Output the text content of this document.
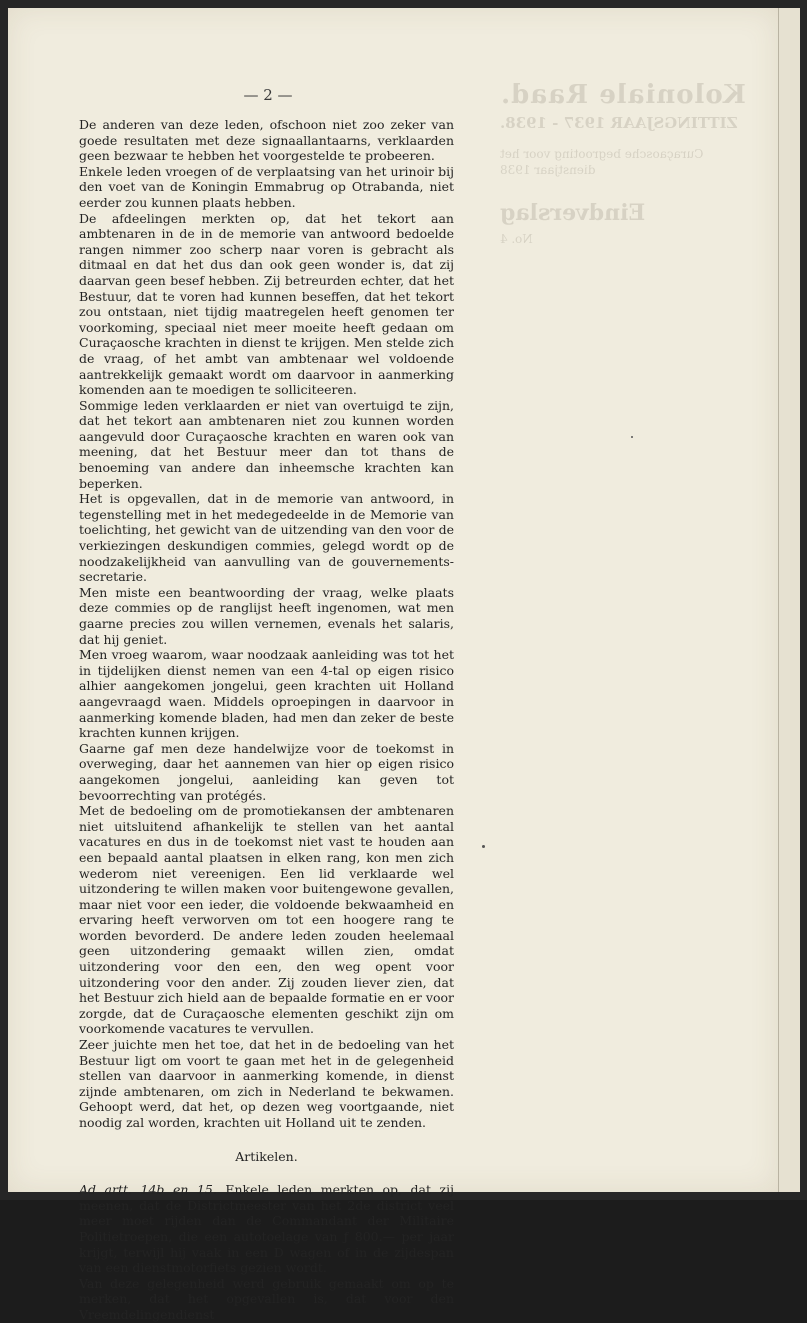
Koloniale Raad.
ZITTINGSJAAR 1937 - 1938.
Curaçaosche begrooting voor het dienstjaar 1938
Eindverslag
No. 4
— 2 —

De anderen van deze leden, ofschoon niet zoo zeker van goede resultaten met deze signaallantaarns, verklaarden geen bezwaar te hebben het voorgestelde te probeeren.

Enkele leden vroegen of de verplaatsing van het urinoir bij den voet van de Koningin Emmabrug op Otrabanda, niet eerder zou kunnen plaats hebben.

De afdeelingen merkten op, dat het tekort aan ambtenaren in de in de memorie van antwoord bedoelde rangen nimmer zoo scherp naar voren is gebracht als ditmaal en dat het dus dan ook geen wonder is, dat zij daarvan geen besef hebben. Zij betreurden echter, dat het Bestuur, dat te voren had kunnen beseffen, dat het tekort zou ontstaan, niet tijdig maatregelen heeft genomen ter voorkoming, speciaal niet meer moeite heeft gedaan om Curaçaosche krachten in dienst te krijgen. Men stelde zich de vraag, of het ambt van ambtenaar wel voldoende aantrekkelijk gemaakt wordt om daarvoor in aanmerking komenden aan te moedigen te solliciteeren.

Sommige leden verklaarden er niet van overtuigd te zijn, dat het tekort aan ambtenaren niet zou kunnen worden aangevuld door Curaçaosche krachten en waren ook van meening, dat het Bestuur meer dan tot thans de benoeming van andere dan inheemsche krachten kan beperken.

Het is opgevallen, dat in de memorie van antwoord, in tegenstelling met in het medegedeelde in de Memorie van toelichting, het gewicht van de uitzending van den voor de verkiezingen deskundigen commies, gelegd wordt op de noodzakelijkheid van aanvulling van de gouvernements-secretarie.

Men miste een beantwoording der vraag, welke plaats deze commies op de ranglijst heeft ingenomen, wat men gaarne precies zou willen vernemen, evenals het salaris, dat hij geniet.

Men vroeg waarom, waar noodzaak aanleiding was tot het in tijdelijken dienst nemen van een 4-tal op eigen risico alhier aangekomen jongelui, geen krachten uit Holland aangevraagd waen. Middels oproepingen in daarvoor in aanmerking komende bladen, had men dan zeker de beste krachten kunnen krijgen.

Gaarne gaf men deze handelwijze voor de toekomst in overweging, daar het aannemen van hier op eigen risico aangekomen jongelui, aanleiding kan geven tot bevoorrechting van protégés.

Met de bedoeling om de promotiekansen der ambtenaren niet uitsluitend afhankelijk te stellen van het aantal vacatures en dus in de toekomst niet vast te houden aan een bepaald aantal plaatsen in elken rang, kon men zich wederom niet vereenigen. Een lid verklaarde wel uitzondering te willen maken voor buitengewone gevallen, maar niet voor een ieder, die voldoende bekwaamheid en ervaring heeft verworven om tot een hoogere rang te worden bevorderd. De andere leden zouden heelemaal geen uitzondering gemaakt willen zien, omdat uitzondering voor den een, den weg opent voor uitzondering voor den ander. Zij zouden liever zien, dat het Bestuur zich hield aan de bepaalde formatie en er voor zorgde, dat de Curaçaosche elementen geschikt zijn om voorkomende vacatures te vervullen.

Zeer juichte men het toe, dat het in de bedoeling van het Bestuur ligt om voort te gaan met het in de gelegenheid stellen van daarvoor in aanmerking komende, in dienst zijnde ambtenaren, om zich in Nederland te bekwamen. Gehoopt werd, dat het, op dezen weg voortgaande, niet noodig zal worden, krachten uit Holland uit te zenden.

Artikelen.

Ad artt. 14b en 15. Enkele leden merkten op, dat zij meenen, dat de Districtmeester van het 2de district veel meer moet rijden dan de Commandant der Militaire Politietroepen, die een autotoelage van ƒ 800.— per jaar krijgt, terwijl hij vaak in een D wagen of in de zijdespan van een dienstmotorfiets gezien wordt.

Van deze gelegenheid werd gebruik gemaakt om op te merken, dat het opgevallen is, dat voor den Vreemdelingendienst
